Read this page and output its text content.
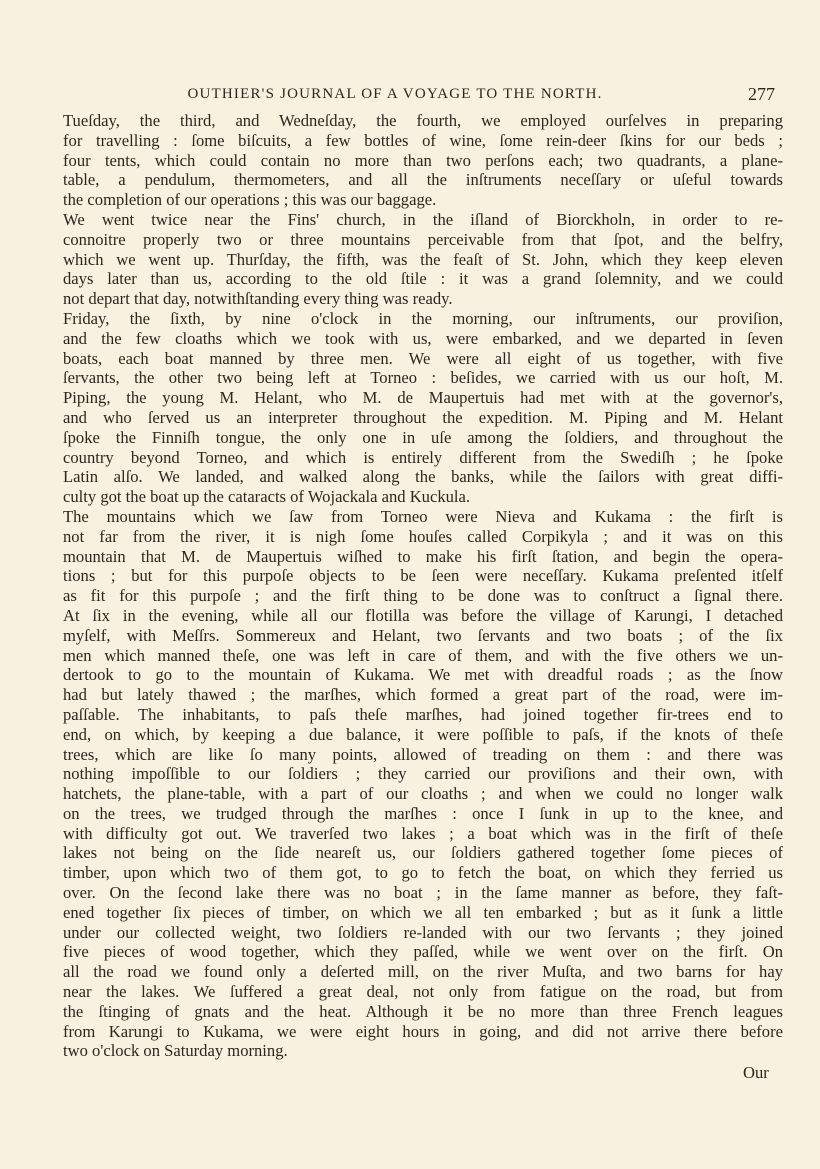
OUTHIER'S JOURNAL OF A VOYAGE TO THE NORTH.	277
Tueſday, the third, and Wedneſday, the fourth, we employed ourſelves in preparing
for travelling : ſome biſcuits, a few bottles of wine, ſome rein-deer ſkins for our beds ;
four tents, which could contain no more than two perſons each; two quadrants, a plane-
table, a pendulum, thermometers, and all the inſtruments neceſſary or uſeful towards
the completion of our operations ; this was our baggage.
We went twice near the Fins' church, in the iſland of Biorckholn, in order to re-
connoitre properly two or three mountains perceivable from that ſpot, and the belfry,
which we went up. Thurſday, the fifth, was the feaſt of St. John, which they keep eleven
days later than us, according to the old ſtile : it was a grand ſolemnity, and we could
not depart that day, notwithſtanding every thing was ready.
Friday, the ſixth, by nine o'clock in the morning, our inſtruments, our proviſion,
and the few cloaths which we took with us, were embarked, and we departed in ſeven
boats, each boat manned by three men. We were all eight of us together, with five
ſervants, the other two being left at Torneo : beſides, we carried with us our hoſt, M.
Piping, the young M. Helant, who M. de Maupertuis had met with at the governor's,
and who ſerved us an interpreter throughout the expedition. M. Piping and M. Helant
ſpoke the Finniſh tongue, the only one in uſe among the ſoldiers, and throughout the
country beyond Torneo, and which is entirely different from the Swediſh ; he ſpoke
Latin alſo. We landed, and walked along the banks, while the ſailors with great diffi-
culty got the boat up the cataracts of Wojackala and Kuckula.
The mountains which we ſaw from Torneo were Nieva and Kukama : the firſt is
not far from the river, it is nigh ſome houſes called Corpikyla ; and it was on this
mountain that M. de Maupertuis wiſhed to make his firſt ſtation, and begin the opera-
tions ; but for this purpoſe objects to be ſeen were neceſſary. Kukama preſented itſelf
as fit for this purpoſe ; and the firſt thing to be done was to conſtruct a ſignal there.
At ſix in the evening, while all our flotilla was before the village of Karungi, I detached
myſelf, with Meſſrs. Sommereux and Helant, two ſervants and two boats ; of the ſix
men which manned theſe, one was left in care of them, and with the five others we un-
dertook to go to the mountain of Kukama. We met with dreadful roads ; as the ſnow
had but lately thawed ; the marſhes, which formed a great part of the road, were im-
paſſable. The inhabitants, to paſs theſe marſhes, had joined together fir-trees end to
end, on which, by keeping a due balance, it were poſſible to paſs, if the knots of theſe
trees, which are like ſo many points, allowed of treading on them : and there was
nothing impoſſible to our ſoldiers ; they carried our proviſions and their own, with
hatchets, the plane-table, with a part of our cloaths ; and when we could no longer walk
on the trees, we trudged through the marſhes : once I ſunk in up to the knee, and
with difficulty got out. We traverſed two lakes ; a boat which was in the firſt of theſe
lakes not being on the ſide neareſt us, our ſoldiers gathered together ſome pieces of
timber, upon which two of them got, to go to fetch the boat, on which they ferried us
over. On the ſecond lake there was no boat ; in the ſame manner as before, they faſt-
ened together ſix pieces of timber, on which we all ten embarked ; but as it ſunk a little
under our collected weight, two ſoldiers re-landed with our two ſervants ; they joined
five pieces of wood together, which they paſſed, while we went over on the firſt. On
all the road we found only a deſerted mill, on the river Muſta, and two barns for hay
near the lakes. We ſuffered a great deal, not only from fatigue on the road, but from
the ſtinging of gnats and the heat. Although it be no more than three French leagues
from Karungi to Kukama, we were eight hours in going, and did not arrive there before
two o'clock on Saturday morning.
Our
